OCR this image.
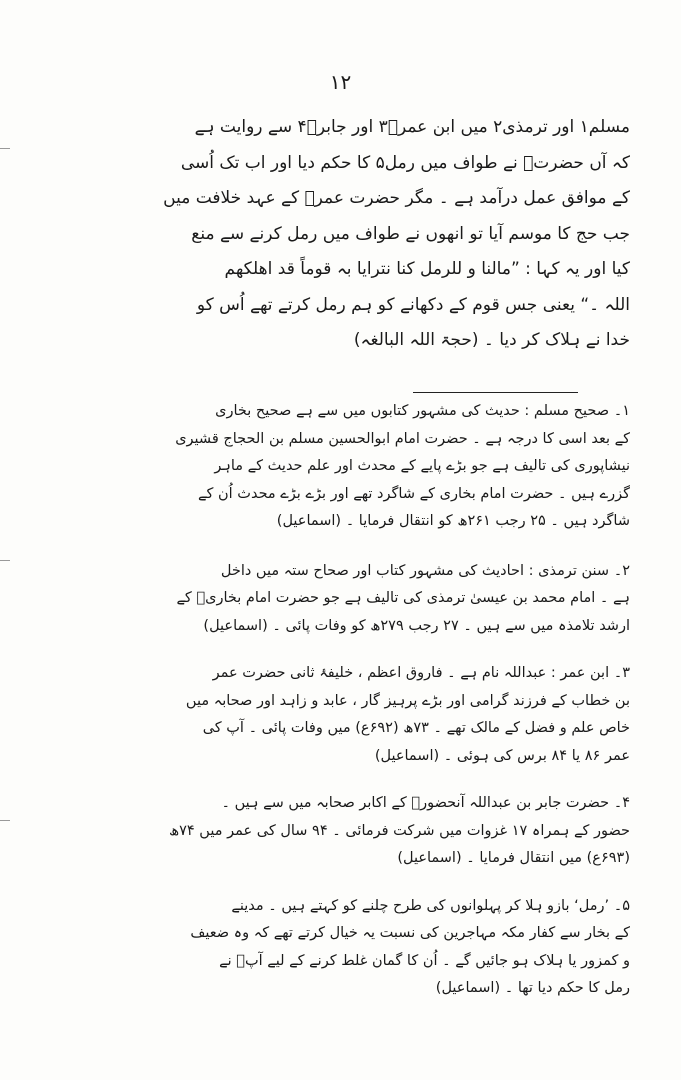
۱۲
مسلم۱ اور ترمذی۲ میں ابن عمرؓ۳ اور جابرؓ۴ سے روایت ہے
کہ آں حضرتؐ نے طواف میں رمل۵ کا حکم دیا اور اب تک اُسی
کے موافق عمل درآمد ہے ۔ مگر حضرت عمرؓ کے عہد خلافت میں
جب حج کا موسم آیا تو انھوں نے طواف میں رمل کرنے سے منع
کیا اور یہ کہا : ”مالنا و للرمل کنا نترایا بہ قوماً قد اھلکھم
اللہ ۔“ یعنی جس قوم کے دکھانے کو ہم رمل کرتے تھے اُس کو
خدا نے ہلاک کر دیا ۔ (حجۃ اللہ البالغہ)
۱۔ صحیح مسلم : حدیث کی مشہور کتابوں میں سے ہے صحیح بخاری
کے بعد اسی کا درجہ ہے ۔ حضرت امام ابوالحسین مسلم بن الحجاج قشیری
نیشاپوری کی تالیف ہے جو بڑے پایے کے محدث اور علم حدیث کے ماہر
گزرے ہیں ۔ حضرت امام بخاری کے شاگرد تھے اور بڑے بڑے محدث اُن کے
شاگرد ہیں ۔ ۲۵ رجب ۲۶۱ھ کو انتقال فرمایا ۔ (اسماعیل)
۲۔ سنن ترمذی : احادیث کی مشہور کتاب اور صحاح ستہ میں داخل
ہے ۔ امام محمد بن عیسیٰ ترمذی کی تالیف ہے جو حضرت امام بخاریؒ کے
ارشد تلامذہ میں سے ہیں ۔ ۲۷ رجب ۲۷۹ھ کو وفات پائی ۔ (اسماعیل)
۳۔ ابن عمر : عبداللہ نام ہے ۔ فاروق اعظم ، خلیفۂ ثانی حضرت عمر
بن خطاب کے فرزند گرامی اور بڑے پرہیز گار ، عابد و زاہد اور صحابہ میں
خاص علم و فضل کے مالک تھے ۔ ۷۳ھ (۶۹۲ع) میں وفات پائی ۔ آپ کی
عمر ۸۶ یا ۸۴ برس کی ہوئی ۔ (اسماعیل)
۴۔ حضرت جابر بن عبداللہ آنحضورؐ کے اکابر صحابہ میں سے ہیں ۔
حضور کے ہمراہ ۱۷ غزوات میں شرکت فرمائی ۔ ۹۴ سال کی عمر میں ۷۴ھ
(۶۹۳ع) میں انتقال فرمایا ۔ (اسماعیل)
۵۔ ’رمل‘ بازو ہلا کر پہلوانوں کی طرح چلنے کو کہتے ہیں ۔ مدینے
کے بخار سے کفار مکہ مہاجرین کی نسبت یہ خیال کرتے تھے کہ وہ ضعیف
و کمزور یا ہلاک ہو جائیں گے ۔ اُن کا گمان غلط کرنے کے لیے آپؐ نے
رمل کا حکم دیا تھا ۔ (اسماعیل)
